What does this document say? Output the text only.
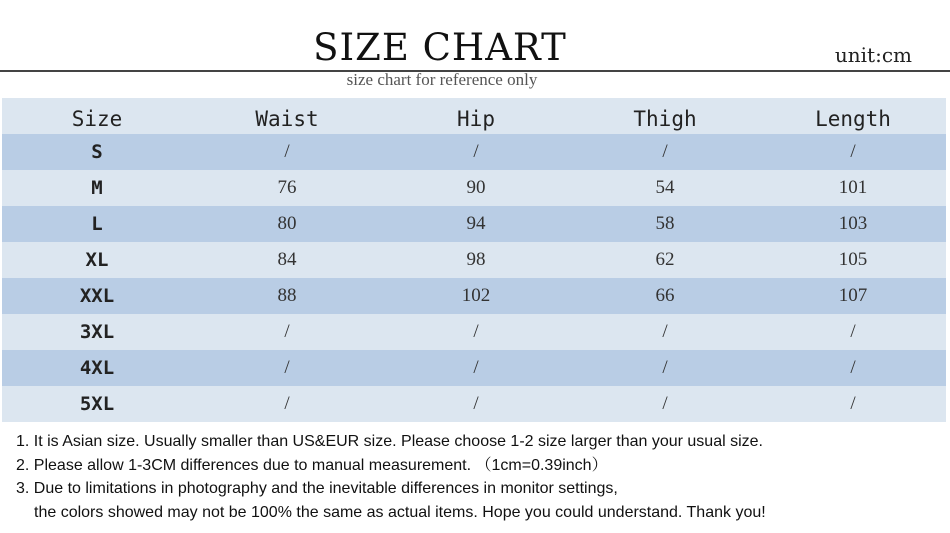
SIZE CHART	unit:cm
size chart for reference only
Size	Waist	Hip	Thigh	Length
S	/	/	/	/
M	76	90	54	101
L	80	94	58	103
XL	84	98	62	105
XXL	88	102	66	107
3XL	/	/	/	/
4XL	/	/	/	/
5XL	/	/	/	/
1. It is Asian size. Usually smaller than US&EUR size. Please choose 1-2 size larger than your usual size.
2. Please allow 1-3CM differences due to manual measurement. （1cm=0.39inch）
3. Due to limitations in photography and the inevitable differences in monitor settings,
the colors showed may not be 100% the same as actual items. Hope you could understand. Thank you!
